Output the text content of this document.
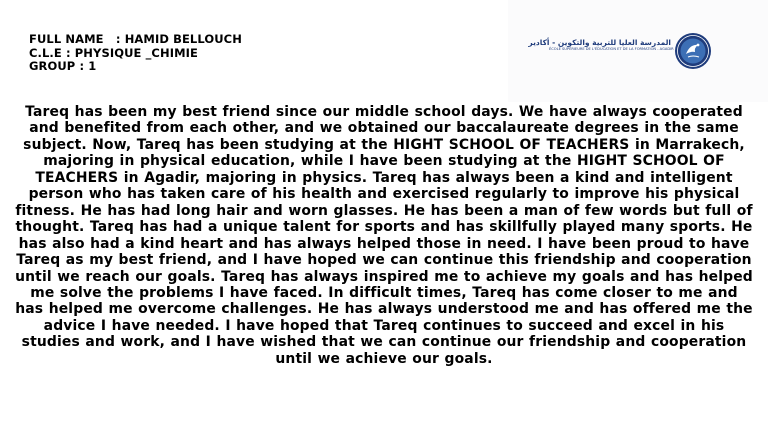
FULL NAME   : HAMID BELLOUCH
C.L.E : PHYSIQUE _CHIMIE
GROUP : 1
المدرسة العليا للتربية والتكوين - أكادير
ÉCOLE SUPÉRIEURE DE L'ÉDUCATION ET DE LA FORMATION - AGADIR
Tareq has been my best friend since our middle school days. We have always cooperated and benefited from each other, and we obtained our baccalaureate degrees in the same subject. Now, Tareq has been studying at the HIGHT SCHOOL OF TEACHERS in Marrakech, majoring in physical education, while I have been studying at the HIGHT SCHOOL OF TEACHERS in Agadir, majoring in physics. Tareq has always been a kind and intelligent person who has taken care of his health and exercised regularly to improve his physical fitness. He has had long hair and worn glasses. He has been a man of few words but full of thought. Tareq has had a unique talent for sports and has skillfully played many sports. He has also had a kind heart and has always helped those in need. I have been proud to have Tareq as my best friend, and I have hoped we can continue this friendship and cooperation until we reach our goals. Tareq has always inspired me to achieve my goals and has helped me solve the problems I have faced. In difficult times, Tareq has come closer to me and has helped me overcome challenges. He has always understood me and has offered me the advice I have needed. I have hoped that Tareq continues to succeed and excel in his studies and work, and I have wished that we can continue our friendship and cooperation until we achieve our goals.
